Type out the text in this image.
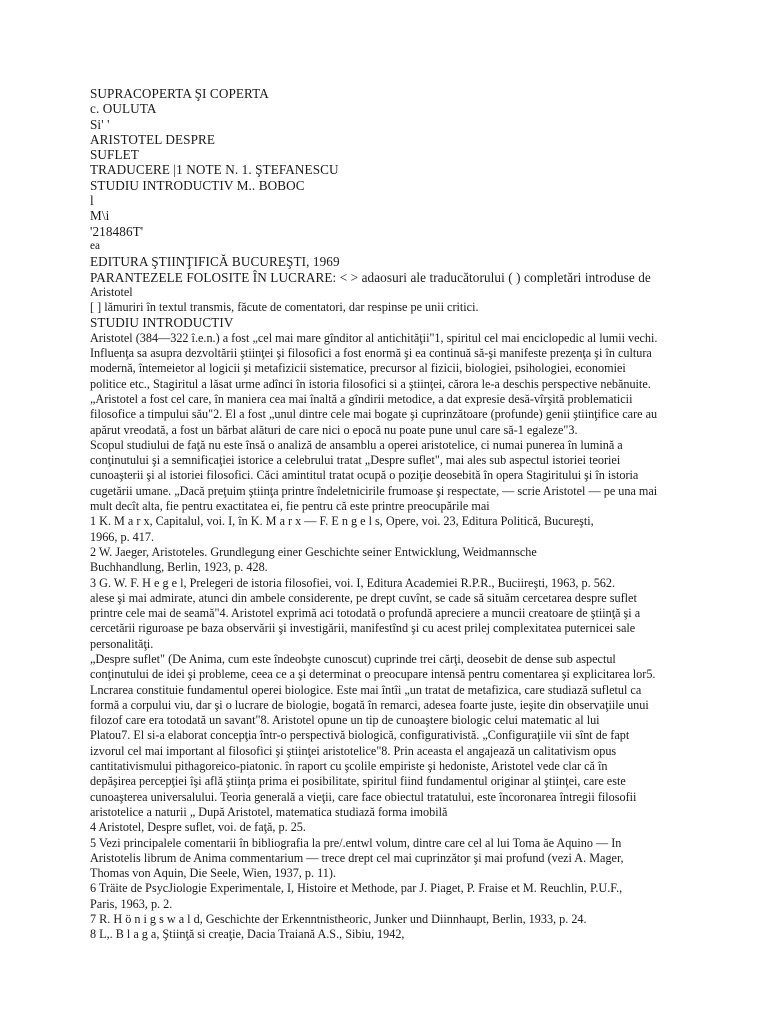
SUPRACOPERTA ŞI COPERTA
c. OULUTA
Si' '
ARISTOTEL DESPRE
SUFLET
TRADUCERE |1 NOTE N. 1. ŞTEFANESCU
STUDIU INTRODUCTIV M.. BOBOC
l
M\i
'218486T'
ea
EDITURA ŞTIINŢIFICĂ BUCUREŞTI, 1969
PARANTEZELE FOLOSITE ÎN LUCRARE: < > adaosuri ale traducătorului ( ) completări introduse de
Aristotel
[ ] lămuriri în textul transmis, făcute de comentatori, dar respinse pe unii critici.
STUDIU INTRODUCTIV
Aristotel (384—322 î.e.n.) a fost „cel mai mare gînditor al antichităţii"1, spiritul cel mai enciclopedic al lumii vechi.
Influenţa sa asupra dezvoltării ştiinţei şi filosofici a fost enormă şi ea continuă să-şi manifeste prezenţa şi în cultura
modernă, întemeietor al logicii şi metafizicii sistematice, precursor al fizicii, biologiei, psihologiei, economiei
politice etc., Stagiritul a lăsat urme adînci în istoria filosofici si a ştiinţei, cărora le-a deschis perspective nebănuite.
„Aristotel a fost cel care, în maniera cea mai înaltă a gîndirii metodice, a dat expresie desă-vîrşită problematicii
filosofice a timpului său"2. El a fost „unul dintre cele mai bogate şi cuprinzătoare (profunde) genii ştiinţifice care au
apărut vreodată, a fost un bărbat alături de care nici o epocă nu poate pune unul care să-1 egaleze"3.
Scopul studiului de faţă nu este însă o analiză de ansamblu a operei aristotelice, ci numai punerea în lumină a
conţinutului şi a semnificaţiei istorice a celebrului tratat „Despre suflet", mai ales sub aspectul istoriei teoriei
cunoaşterii şi al istoriei filosofici. Căci amintitul tratat ocupă o poziţie deosebită în opera Stagiritului şi în istoria
cugetării umane. „Dacă preţuim ştiinţa printre îndeletnicirile frumoase şi respectate, — scrie Aristotel — pe una mai
mult decît alta, fie pentru exactitatea ei, fie pentru că este printre preocupările mai
1 K. M a r x, Capitalul, voi. I, în K. M a r x — F. E n g e l s, Opere, voi. 23, Editura Politică, Bucureşti,
1966, p. 417.
2 W. Jaeger, Aristoteles. Grundlegung einer Geschichte seiner Entwicklung, Weidmannsche
Buchhandlung, Berlin, 1923, p. 428.
3 G. W. F. H e g e l, Prelegeri de istoria filosofiei, voi. I, Editura Academiei R.P.R., Buciireşti, 1963, p. 562.
alese şi mai admirate, atunci din ambele considerente, pe drept cuvînt, se cade să situăm cercetarea despre suflet
printre cele mai de seamă"4. Aristotel exprimă aci totodată o profundă apreciere a muncii creatoare de ştiinţă şi a
cercetării riguroase pe baza observării şi investigării, manifestînd şi cu acest prilej complexitatea puternicei sale
personalităţi.
„Despre suflet" (De Anima, cum este îndeobşte cunoscut) cuprinde trei cărţi, deosebit de dense sub aspectul
conţinutului de idei şi probleme, ceea ce a şi determinat o preocupare intensă pentru comentarea şi explicitarea lor5.
Lncrarea constituie fundamentul operei biologice. Este mai întîi „un tratat de metafizica, care studiază sufletul ca
formă a corpului viu, dar şi o lucrare de biologie, bogată în remarci, adesea foarte juste, ieşite din observaţiile unui
filozof care era totodată un savant"8. Aristotel opune un tip de cunoaştere biologic celui matematic al lui
Platou7. El si-a elaborat concepţia într-o perspectivă biologică, configurativistă. „Configuraţiile vii sînt de fapt
izvorul cel mai important al filosofici şi ştiinţei aristotelice"8. Prin aceasta el angajează un calitativism opus
cantitativismului pithagoreico-piatonic. în raport cu şcolile empiriste şi hedoniste, Aristotel vede clar că în
depăşirea percepţiei îşi află ştiinţa prima ei posibilitate, spiritul fiind fundamentul originar al ştiinţei, care este
cunoaşterea universalului. Teoria generală a vieţii, care face obiectul tratatului, este încoronarea întregii filosofii
aristotelice a naturii „ După Aristotel, matematica studiază forma imobilă
4 Aristotel, Despre suflet, voi. de faţă, p. 25.
5 Vezi principalele comentarii în bibliografia la pre/.entwl volum, dintre care cel al lui Toma ăe Aquino — In
Aristotelis librum de Anima commentarium — trece drept cel mai cuprinzător şi mai profund (vezi A. Mager,
Thomas von Aquin, Die Seele, Wien, 1937, p. 11).
6 Träite de PsycJiologie Experimentale, I, Histoire et Methode, par J. Piaget, P. Fraise et M. Reuchlin, P.U.F.,
Paris, 1963, p. 2.
7 R. H ö n i g s w a l d, Geschichte der Erkenntnistheoric, Junker und Diinnhaupt, Berlin, 1933, p. 24.
8 L,. B l a g a, Ştiinţă si creaţie, Dacia Traiană A.S., Sibiu, 1942,
